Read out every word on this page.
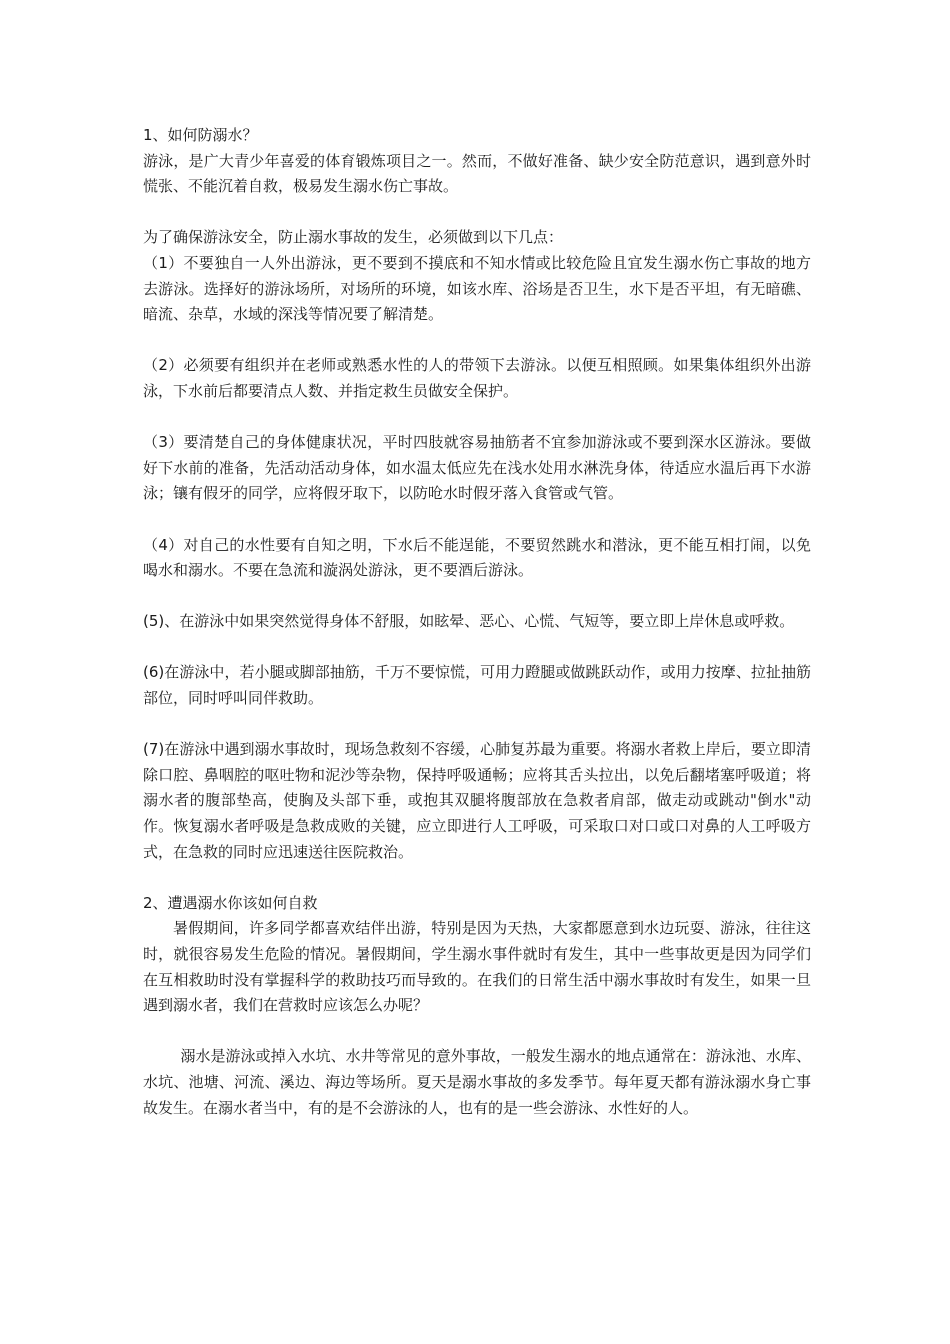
1、如何防溺水？

游泳，是广大青少年喜爱的体育锻炼项目之一。然而，不做好准备、缺少安全防范意识，遇到意外时慌张、不能沉着自救，极易发生溺水伤亡事故。

为了确保游泳安全，防止溺水事故的发生，必须做到以下几点：

（1）不要独自一人外出游泳，更不要到不摸底和不知水情或比较危险且宜发生溺水伤亡事故的地方去游泳。选择好的游泳场所，对场所的环境，如该水库、浴场是否卫生，水下是否平坦，有无暗礁、暗流、杂草，水域的深浅等情况要了解清楚。

（2）必须要有组织并在老师或熟悉水性的人的带领下去游泳。以便互相照顾。如果集体组织外出游泳，下水前后都要清点人数、并指定救生员做安全保护。

（3）要清楚自己的身体健康状况，平时四肢就容易抽筋者不宜参加游泳或不要到深水区游泳。要做好下水前的准备，先活动活动身体，如水温太低应先在浅水处用水淋洗身体，待适应水温后再下水游泳；镶有假牙的同学，应将假牙取下，以防呛水时假牙落入食管或气管。

（4）对自己的水性要有自知之明，下水后不能逞能，不要贸然跳水和潜泳，更不能互相打闹，以免喝水和溺水。不要在急流和漩涡处游泳，更不要酒后游泳。

(5)、在游泳中如果突然觉得身体不舒服，如眩晕、恶心、心慌、气短等，要立即上岸休息或呼救。

(6)在游泳中，若小腿或脚部抽筋，千万不要惊慌，可用力蹬腿或做跳跃动作，或用力按摩、拉扯抽筋部位，同时呼叫同伴救助。

(7)在游泳中遇到溺水事故时，现场急救刻不容缓，心肺复苏最为重要。将溺水者救上岸后，要立即清除口腔、鼻咽腔的呕吐物和泥沙等杂物，保持呼吸通畅；应将其舌头拉出，以免后翻堵塞呼吸道；将溺水者的腹部垫高，使胸及头部下垂，或抱其双腿将腹部放在急救者肩部，做走动或跳动"倒水"动作。恢复溺水者呼吸是急救成败的关键，应立即进行人工呼吸，可采取口对口或口对鼻的人工呼吸方式，在急救的同时应迅速送往医院救治。

2、遭遇溺水你该如何自救

暑假期间，许多同学都喜欢结伴出游，特别是因为天热，大家都愿意到水边玩耍、游泳，往往这时，就很容易发生危险的情况。暑假期间，学生溺水事件就时有发生，其中一些事故更是因为同学们在互相救助时没有掌握科学的救助技巧而导致的。在我们的日常生活中溺水事故时有发生，如果一旦遇到溺水者，我们在营救时应该怎么办呢？

溺水是游泳或掉入水坑、水井等常见的意外事故，一般发生溺水的地点通常在：游泳池、水库、水坑、池塘、河流、溪边、海边等场所。夏天是溺水事故的多发季节。每年夏天都有游泳溺水身亡事故发生。在溺水者当中，有的是不会游泳的人，也有的是一些会游泳、水性好的人。
